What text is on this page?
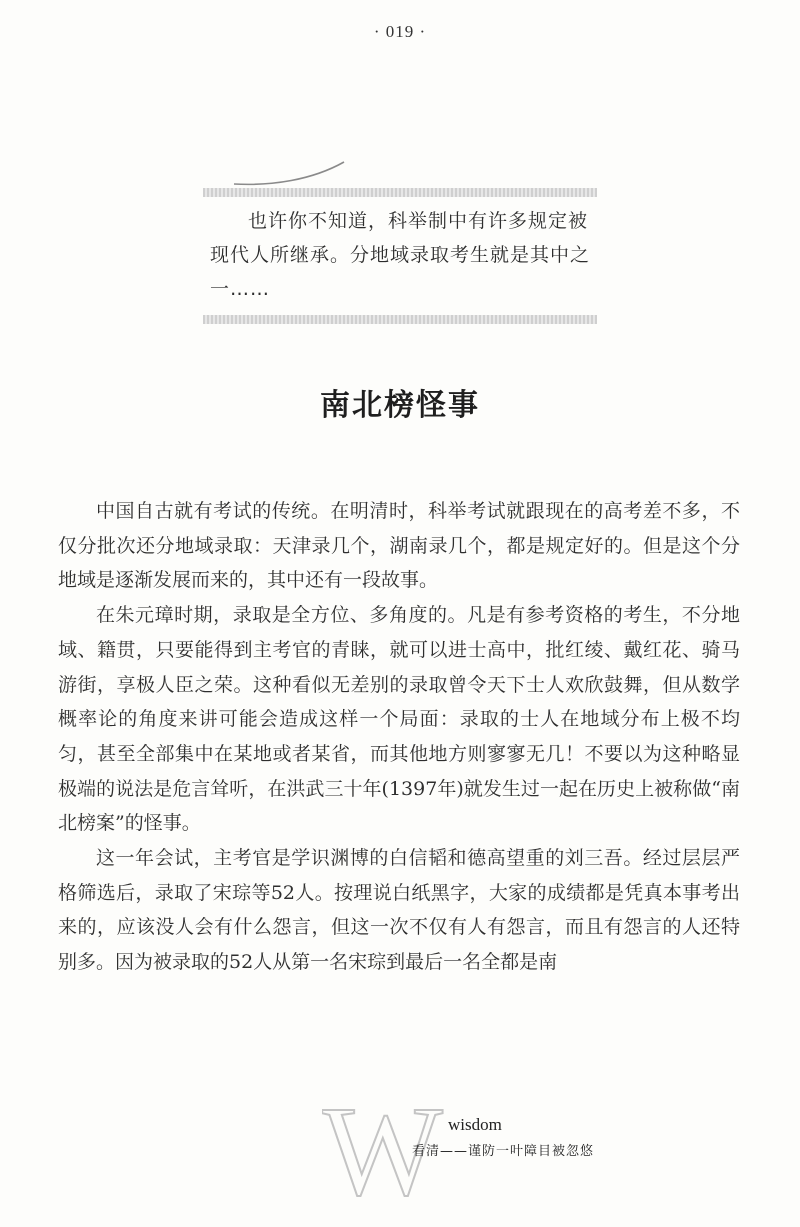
· 019 ·

也许你不知道，科举制中有许多规定被现代人所继承。分地域录取考生就是其中之一……

南北榜怪事

中国自古就有考试的传统。在明清时，科举考试就跟现在的高考差不多，不仅分批次还分地域录取：天津录几个，湖南录几个，都是规定好的。但是这个分地域是逐渐发展而来的，其中还有一段故事。

在朱元璋时期，录取是全方位、多角度的。凡是有参考资格的考生，不分地域、籍贯，只要能得到主考官的青睐，就可以进士高中，批红绫、戴红花、骑马游街，享极人臣之荣。这种看似无差别的录取曾令天下士人欢欣鼓舞，但从数学概率论的角度来讲可能会造成这样一个局面：录取的士人在地域分布上极不均匀，甚至全部集中在某地或者某省，而其他地方则寥寥无几！不要以为这种略显极端的说法是危言耸听，在洪武三十年(1397年)就发生过一起在历史上被称做“南北榜案”的怪事。

这一年会试，主考官是学识渊博的白信韬和德高望重的刘三吾。经过层层严格筛选后，录取了宋琮等52人。按理说白纸黑字，大家的成绩都是凭真本事考出来的，应该没人会有什么怨言，但这一次不仅有人有怨言，而且有怨言的人还特别多。因为被录取的52人从第一名宋琮到最后一名全都是南

W wisdom
看清——谨防一叶障目被忽悠
